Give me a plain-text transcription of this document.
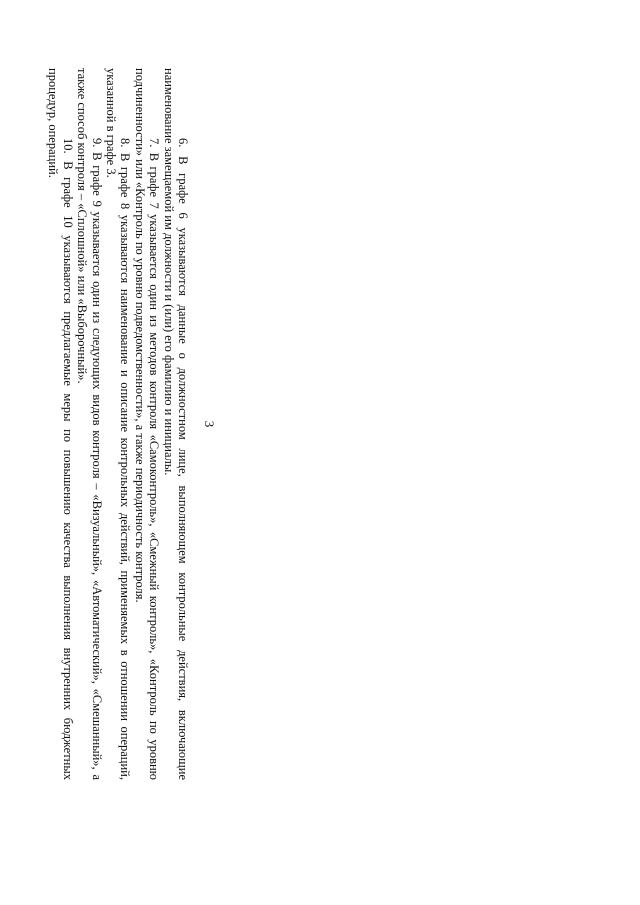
3

6. В графе 6 указываются данные о должностном лице, выполняющем контрольные действия, включающие наименование замещаемой им должности и (или) его фамилию и инициалы.

7. В графе 7 указывается один из методов контроля «Самоконтроль», «Смежный контроль», «Контроль по уровню подчиненности» или «Контроль по уровню подведомственности», а также периодичность контроля.

8. В графе 8 указываются наименование и описание контрольных действий, применяемых в отношении операций, указанной в графе 3.

9. В графе 9 указывается один из следующих видов контроля – «Визуальный», «Автоматический», «Смешанный», а также способ контроля – «Сплошной» или «Выборочный».

10. В графе 10 указываются предлагаемые меры по повышению качества выполнения внутренних бюджетных процедур, операций.
